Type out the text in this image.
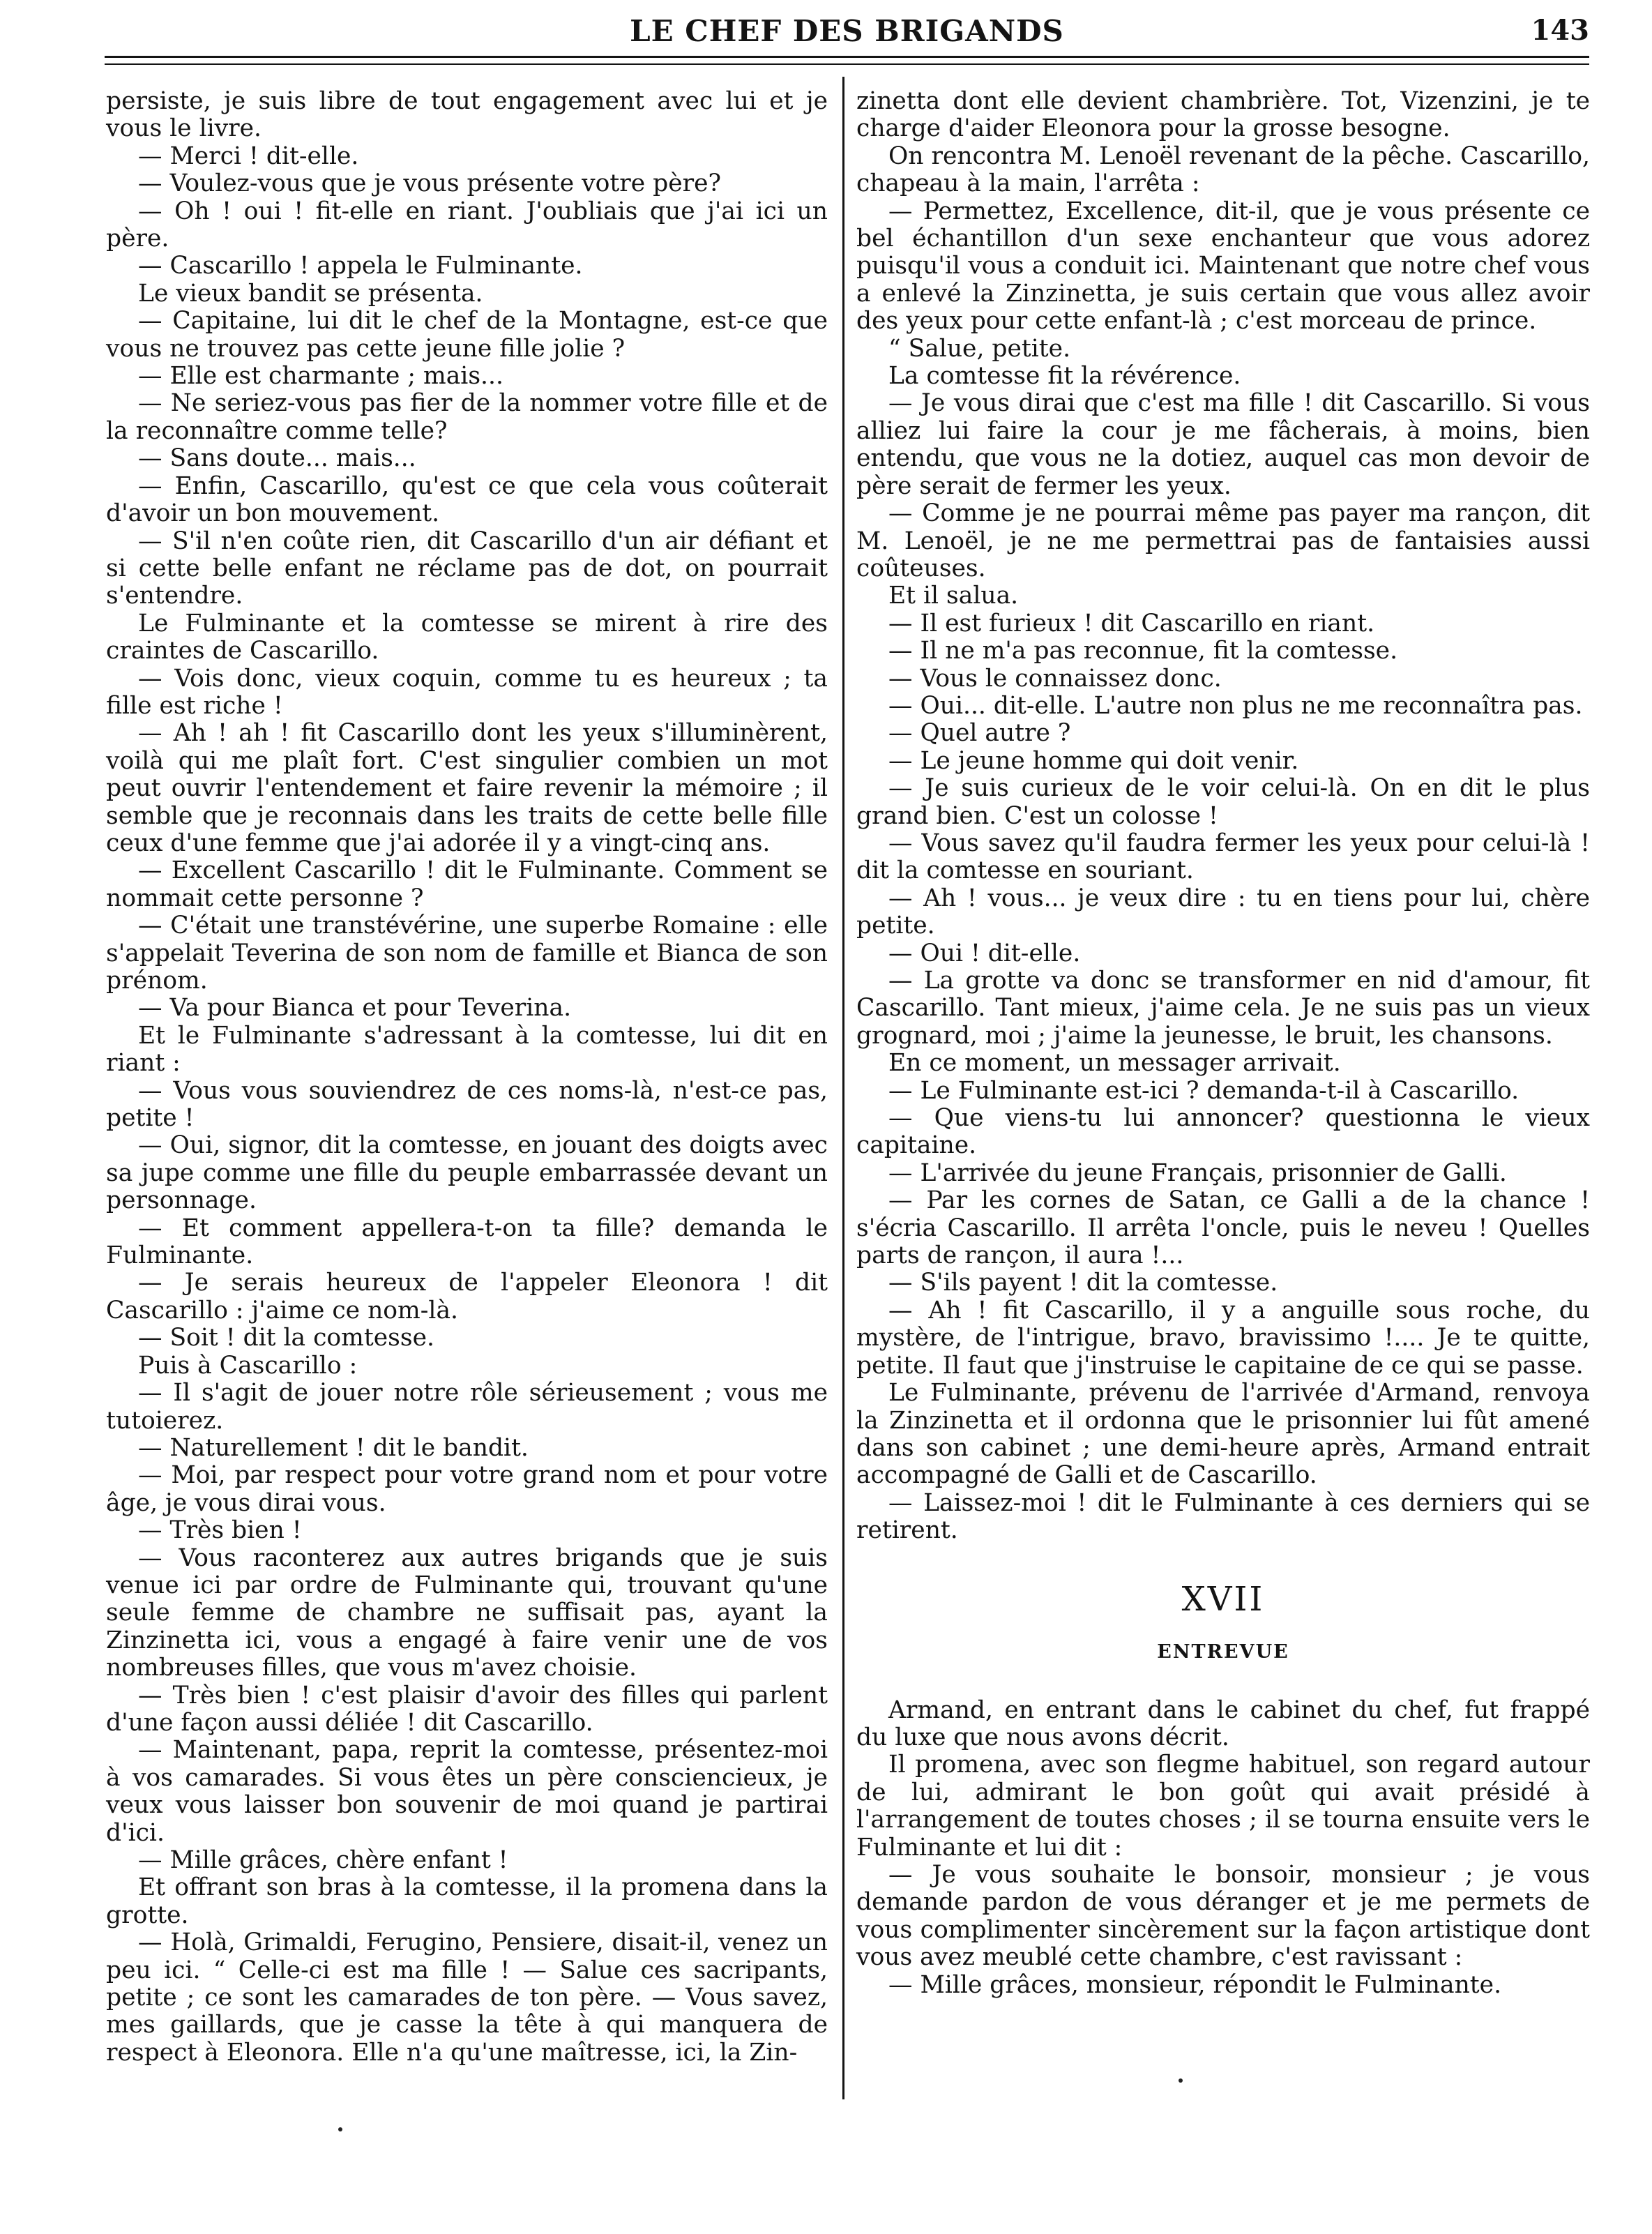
LE CHEF DES BRIGANDS	143

persiste, je suis libre de tout engagement avec lui et je vous le livre.

— Merci ! dit-elle.

— Voulez-vous que je vous présente votre père?

— Oh ! oui ! fit-elle en riant. J'oubliais que j'ai ici un père.

— Cascarillo ! appela le Fulminante.

Le vieux bandit se présenta.

— Capitaine, lui dit le chef de la Montagne, est-ce que vous ne trouvez pas cette jeune fille jolie ?

— Elle est charmante ; mais...

— Ne seriez-vous pas fier de la nommer votre fille et de la reconnaître comme telle?

— Sans doute... mais...

— Enfin, Cascarillo, qu'est ce que cela vous coûterait d'avoir un bon mouvement.

— S'il n'en coûte rien, dit Cascarillo d'un air défiant et si cette belle enfant ne réclame pas de dot, on pourrait s'entendre.

Le Fulminante et la comtesse se mirent à rire des craintes de Cascarillo.

— Vois donc, vieux coquin, comme tu es heureux ; ta fille est riche !

— Ah ! ah ! fit Cascarillo dont les yeux s'illuminèrent, voilà qui me plaît fort. C'est singulier combien un mot peut ouvrir l'entendement et faire revenir la mémoire ; il semble que je reconnais dans les traits de cette belle fille ceux d'une femme que j'ai adorée il y a vingt-cinq ans.

— Excellent Cascarillo ! dit le Fulminante. Comment se nommait cette personne ?

— C'était une transtévérine, une superbe Romaine : elle s'appelait Teverina de son nom de famille et Bianca de son prénom.

— Va pour Bianca et pour Teverina.

Et le Fulminante s'adressant à la comtesse, lui dit en riant :

— Vous vous souviendrez de ces noms-là, n'est-ce pas, petite !

— Oui, signor, dit la comtesse, en jouant des doigts avec sa jupe comme une fille du peuple embarrassée devant un personnage.

— Et comment appellera-t-on ta fille? demanda le Fulminante.

— Je serais heureux de l'appeler Eleonora ! dit Cascarillo : j'aime ce nom-là.

— Soit ! dit la comtesse.

Puis à Cascarillo :

— Il s'agit de jouer notre rôle sérieusement ; vous me tutoierez.

— Naturellement ! dit le bandit.

— Moi, par respect pour votre grand nom et pour votre âge, je vous dirai vous.

— Très bien !

— Vous raconterez aux autres brigands que je suis venue ici par ordre de Fulminante qui, trouvant qu'une seule femme de chambre ne suffisait pas, ayant la Zinzinetta ici, vous a engagé à faire venir une de vos nombreuses filles, que vous m'avez choisie.

— Très bien ! c'est plaisir d'avoir des filles qui parlent d'une façon aussi déliée ! dit Cascarillo.

— Maintenant, papa, reprit la comtesse, présentez-moi à vos camarades. Si vous êtes un père consciencieux, je veux vous laisser bon souvenir de moi quand je partirai d'ici.

— Mille grâces, chère enfant !

Et offrant son bras à la comtesse, il la promena dans la grotte.

— Holà, Grimaldi, Ferugino, Pensiere, disait-il, venez un peu ici. “ Celle-ci est ma fille ! — Salue ces sacripants, petite ; ce sont les camarades de ton père. — Vous savez, mes gaillards, que je casse la tête à qui manquera de respect à Eleonora. Elle n'a qu'une maîtresse, ici, la Zin-

zinetta dont elle devient chambrière. Tot, Vizenzini, je te charge d'aider Eleonora pour la grosse besogne.

On rencontra M. Lenoël revenant de la pêche. Cascarillo, chapeau à la main, l'arrêta :

— Permettez, Excellence, dit-il, que je vous présente ce bel échantillon d'un sexe enchanteur que vous adorez puisqu'il vous a conduit ici. Maintenant que notre chef vous a enlevé la Zinzinetta, je suis certain que vous allez avoir des yeux pour cette enfant-là ; c'est morceau de prince.

“ Salue, petite.

La comtesse fit la révérence.

— Je vous dirai que c'est ma fille ! dit Cascarillo. Si vous alliez lui faire la cour je me fâcherais, à moins, bien entendu, que vous ne la dotiez, auquel cas mon devoir de père serait de fermer les yeux.

— Comme je ne pourrai même pas payer ma rançon, dit M. Lenoël, je ne me permettrai pas de fantaisies aussi coûteuses.

Et il salua.

— Il est furieux ! dit Cascarillo en riant.

— Il ne m'a pas reconnue, fit la comtesse.

— Vous le connaissez donc.

— Oui... dit-elle. L'autre non plus ne me reconnaîtra pas.

— Quel autre ?

— Le jeune homme qui doit venir.

— Je suis curieux de le voir celui-là. On en dit le plus grand bien. C'est un colosse !

— Vous savez qu'il faudra fermer les yeux pour celui-là ! dit la comtesse en souriant.

— Ah ! vous... je veux dire : tu en tiens pour lui, chère petite.

— Oui ! dit-elle.

— La grotte va donc se transformer en nid d'amour, fit Cascarillo. Tant mieux, j'aime cela. Je ne suis pas un vieux grognard, moi ; j'aime la jeunesse, le bruit, les chansons.

En ce moment, un messager arrivait.

— Le Fulminante est-ici ? demanda-t-il à Cascarillo.

— Que viens-tu lui annoncer? questionna le vieux capitaine.

— L'arrivée du jeune Français, prisonnier de Galli.

— Par les cornes de Satan, ce Galli a de la chance ! s'écria Cascarillo. Il arrêta l'oncle, puis le neveu ! Quelles parts de rançon, il aura !...

— S'ils payent ! dit la comtesse.

— Ah ! fit Cascarillo, il y a anguille sous roche, du mystère, de l'intrigue, bravo, bravissimo !.... Je te quitte, petite. Il faut que j'instruise le capitaine de ce qui se passe.

Le Fulminante, prévenu de l'arrivée d'Armand, renvoya la Zinzinetta et il ordonna que le prisonnier lui fût amené dans son cabinet ; une demi-heure après, Armand entrait accompagné de Galli et de Cascarillo.

— Laissez-moi ! dit le Fulminante à ces derniers qui se retirent.

XVII
ENTREVUE

Armand, en entrant dans le cabinet du chef, fut frappé du luxe que nous avons décrit.

Il promena, avec son flegme habituel, son regard autour de lui, admirant le bon goût qui avait présidé à l'arrangement de toutes choses ; il se tourna ensuite vers le Fulminante et lui dit :

— Je vous souhaite le bonsoir, monsieur ; je vous demande pardon de vous déranger et je me permets de vous complimenter sincèrement sur la façon artistique dont vous avez meublé cette chambre, c'est ravissant :

— Mille grâces, monsieur, répondit le Fulminante.
